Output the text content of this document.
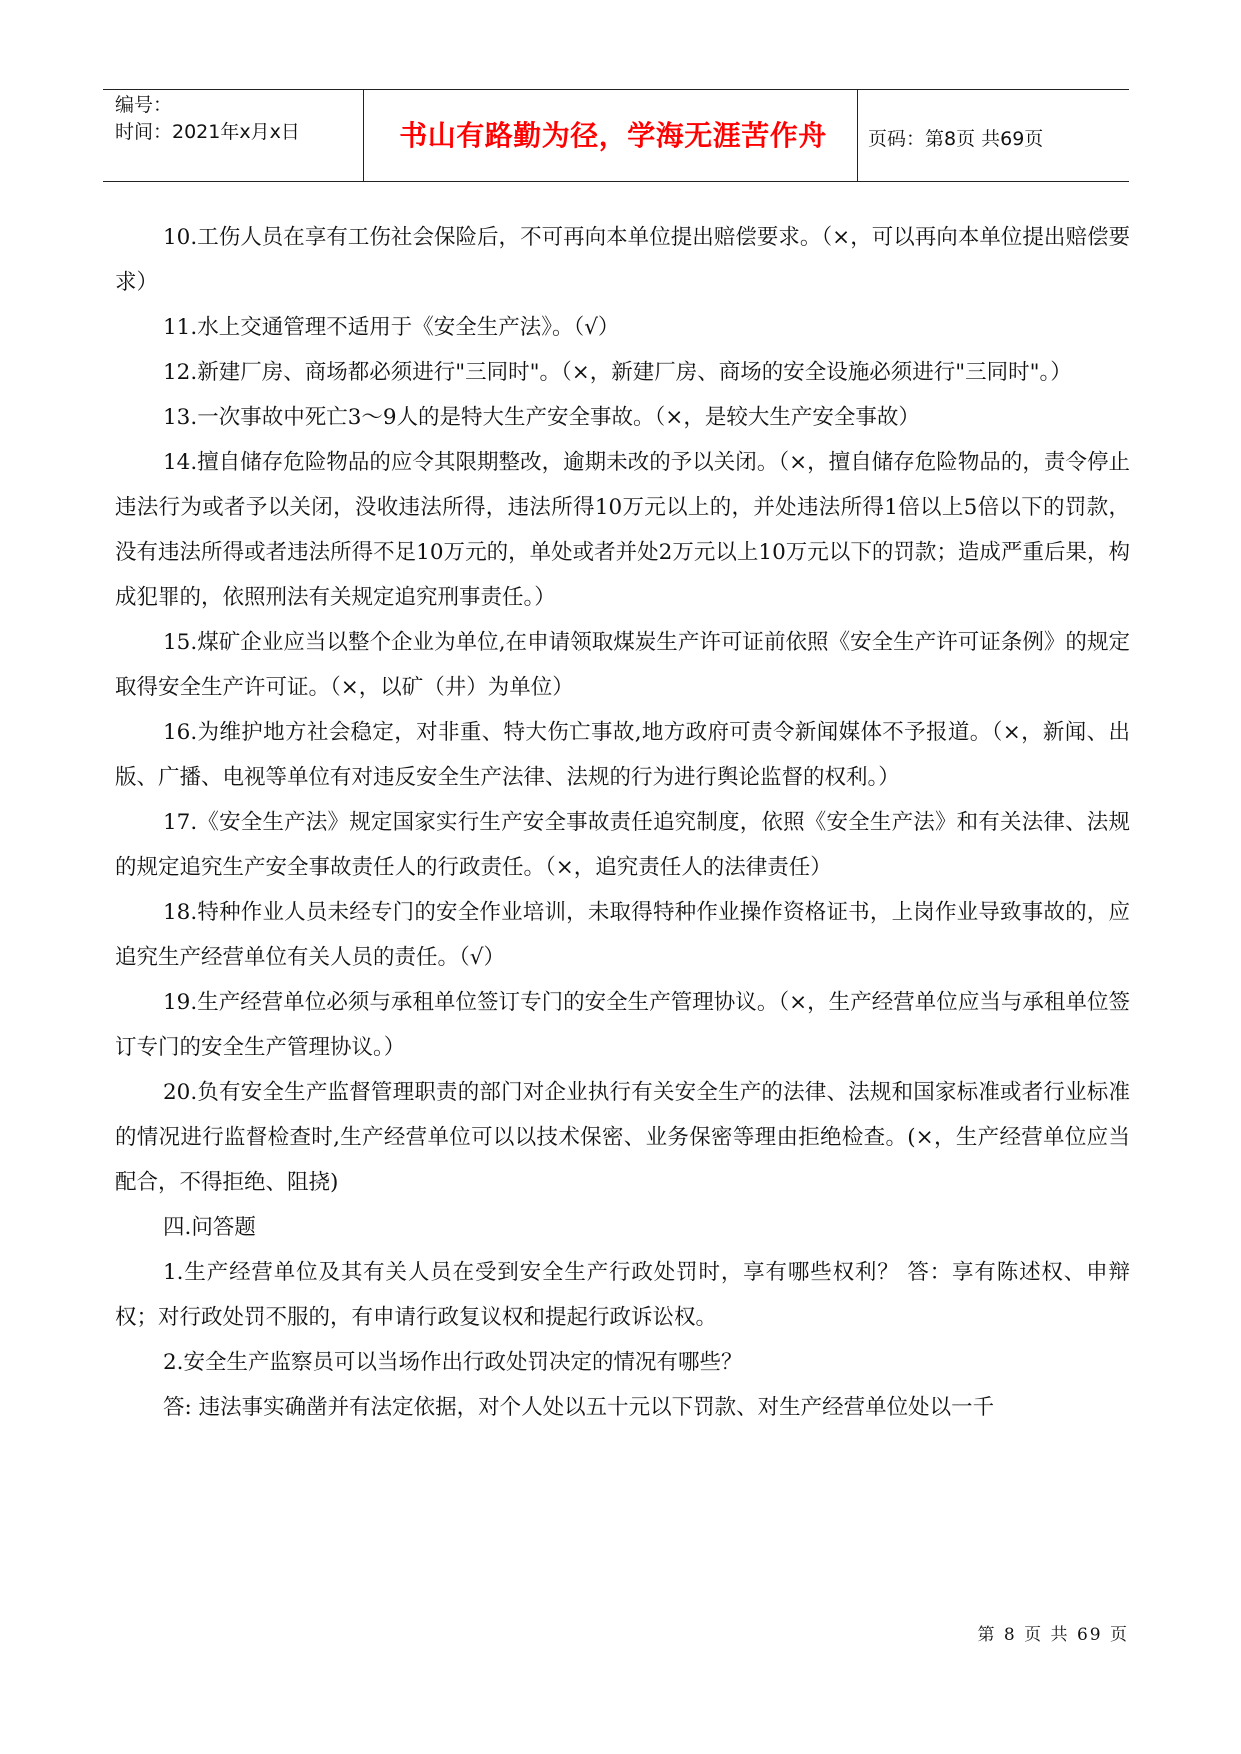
编号：
时间：2021年x月x日	书山有路勤为径，学海无涯苦作舟	页码：第8页 共69页

10.工伤人员在享有工伤社会保险后，不可再向本单位提出赔偿要求。（×，可以再向本单位提出赔偿要求）

11.水上交通管理不适用于《安全生产法》。（√）

12.新建厂房、商场都必须进行"三同时"。（×，新建厂房、商场的安全设施必须进行"三同时"。）

13.一次事故中死亡3～9人的是特大生产安全事故。（×，是较大生产安全事故）

14.擅自储存危险物品的应令其限期整改，逾期未改的予以关闭。（×，擅自储存危险物品的，责令停止违法行为或者予以关闭，没收违法所得，违法所得10万元以上的，并处违法所得1倍以上5倍以下的罚款，没有违法所得或者违法所得不足10万元的，单处或者并处2万元以上10万元以下的罚款；造成严重后果，构成犯罪的，依照刑法有关规定追究刑事责任。）

15.煤矿企业应当以整个企业为单位,在申请领取煤炭生产许可证前依照《安全生产许可证条例》的规定取得安全生产许可证。（×，以矿（井）为单位）

16.为维护地方社会稳定，对非重、特大伤亡事故,地方政府可责令新闻媒体不予报道。（×，新闻、出版、广播、电视等单位有对违反安全生产法律、法规的行为进行舆论监督的权利。）

17.《安全生产法》规定国家实行生产安全事故责任追究制度，依照《安全生产法》和有关法律、法规的规定追究生产安全事故责任人的行政责任。（×，追究责任人的法律责任）

18.特种作业人员未经专门的安全作业培训，未取得特种作业操作资格证书，上岗作业导致事故的，应追究生产经营单位有关人员的责任。（√）

19.生产经营单位必须与承租单位签订专门的安全生产管理协议。（×，生产经营单位应当与承租单位签订专门的安全生产管理协议。）

20.负有安全生产监督管理职责的部门对企业执行有关安全生产的法律、法规和国家标准或者行业标准的情况进行监督检查时,生产经营单位可以以技术保密、业务保密等理由拒绝检查。(×，生产经营单位应当配合，不得拒绝、阻挠)

四.问答题

1.生产经营单位及其有关人员在受到安全生产行政处罚时，享有哪些权利？ 答：享有陈述权、申辩权；对行政处罚不服的，有申请行政复议权和提起行政诉讼权。

2.安全生产监察员可以当场作出行政处罚决定的情况有哪些？

答: 违法事实确凿并有法定依据，对个人处以五十元以下罚款、对生产经营单位处以一千

第 8 页 共 69 页
